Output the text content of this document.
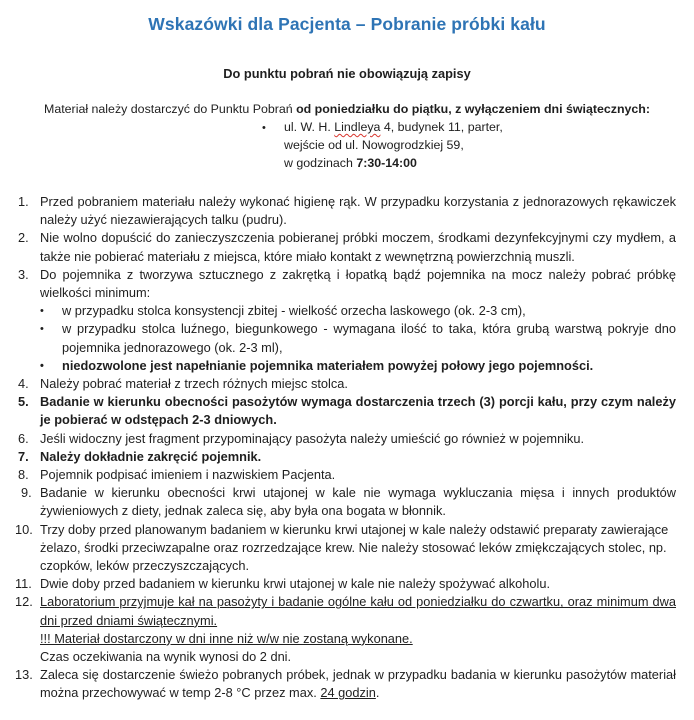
Wskazówki dla Pacjenta – Pobranie próbki kału

Do punktu pobrań nie obowiązują zapisy

Materiał należy dostarczyć do Punktu Pobrań od poniedziałku do piątku, z wyłączeniem dni świątecznych:

•	ul. W. H. Lindleya 4, budynek 11, parter,
wejście od ul. Nowogrodzkiej 59,
w godzinach 7:30-14:00
1. Przed pobraniem materiału należy wykonać higienę rąk. W przypadku korzystania z jednorazowych rękawiczek należy użyć niezawierających talku (pudru).

2. Nie wolno dopuścić do zanieczyszczenia pobieranej próbki moczem, środkami dezynfekcyjnymi czy mydłem, a także nie pobierać materiału z miejsca, które miało kontakt z wewnętrzną powierzchnią muszli.

3. Do pojemnika z tworzywa sztucznego z zakrętką i łopatką bądź pojemnika na mocz należy pobrać próbkę wielkości minimum:

•	w przypadku stolca konsystencji zbitej - wielkość orzecha laskowego (ok. 2-3 cm),

•	w przypadku stolca luźnego, biegunkowego - wymagana ilość to taka, która grubą warstwą pokryje dno pojemnika jednorazowego (ok. 2-3 ml),

•	niedozwolone jest napełnianie pojemnika materiałem powyżej połowy jego pojemności.

4. Należy pobrać materiał z trzech różnych miejsc stolca.

5. Badanie w kierunku obecności pasożytów wymaga dostarczenia trzech (3) porcji kału, przy czym należy je pobierać w odstępach 2-3 dniowych.

6. Jeśli widoczny jest fragment przypominający pasożyta należy umieścić go również w pojemniku.

7. Należy dokładnie zakręcić pojemnik.

8. Pojemnik podpisać imieniem i nazwiskiem Pacjenta.

9. Badanie w kierunku obecności krwi utajonej w kale nie wymaga wykluczania mięsa i innych produktów żywieniowych z diety, jednak zaleca się, aby była ona bogata w błonnik.

10. Trzy doby przed planowanym badaniem w kierunku krwi utajonej w kale należy odstawić preparaty zawierające żelazo, środki przeciwzapalne oraz rozrzedzające krew. Nie należy stosować leków zmiękczających stolec, np. czopków, leków przeczyszczających.

11. Dwie doby przed badaniem w kierunku krwi utajonej w kale nie należy spożywać alkoholu.

12. Laboratorium przyjmuje kał na pasożyty i badanie ogólne kału od poniedziałku do czwartku, oraz minimum dwa dni przed dniami świątecznymi.

!!! Materiał dostarczony w dni inne niż w/w nie zostaną wykonane.

Czas oczekiwania na wynik wynosi do 2 dni.

13. Zaleca się dostarczenie świeżo pobranych próbek, jednak w przypadku badania w kierunku pasożytów materiał można przechowywać w temp 2-8 °C przez max. 24 godzin.
